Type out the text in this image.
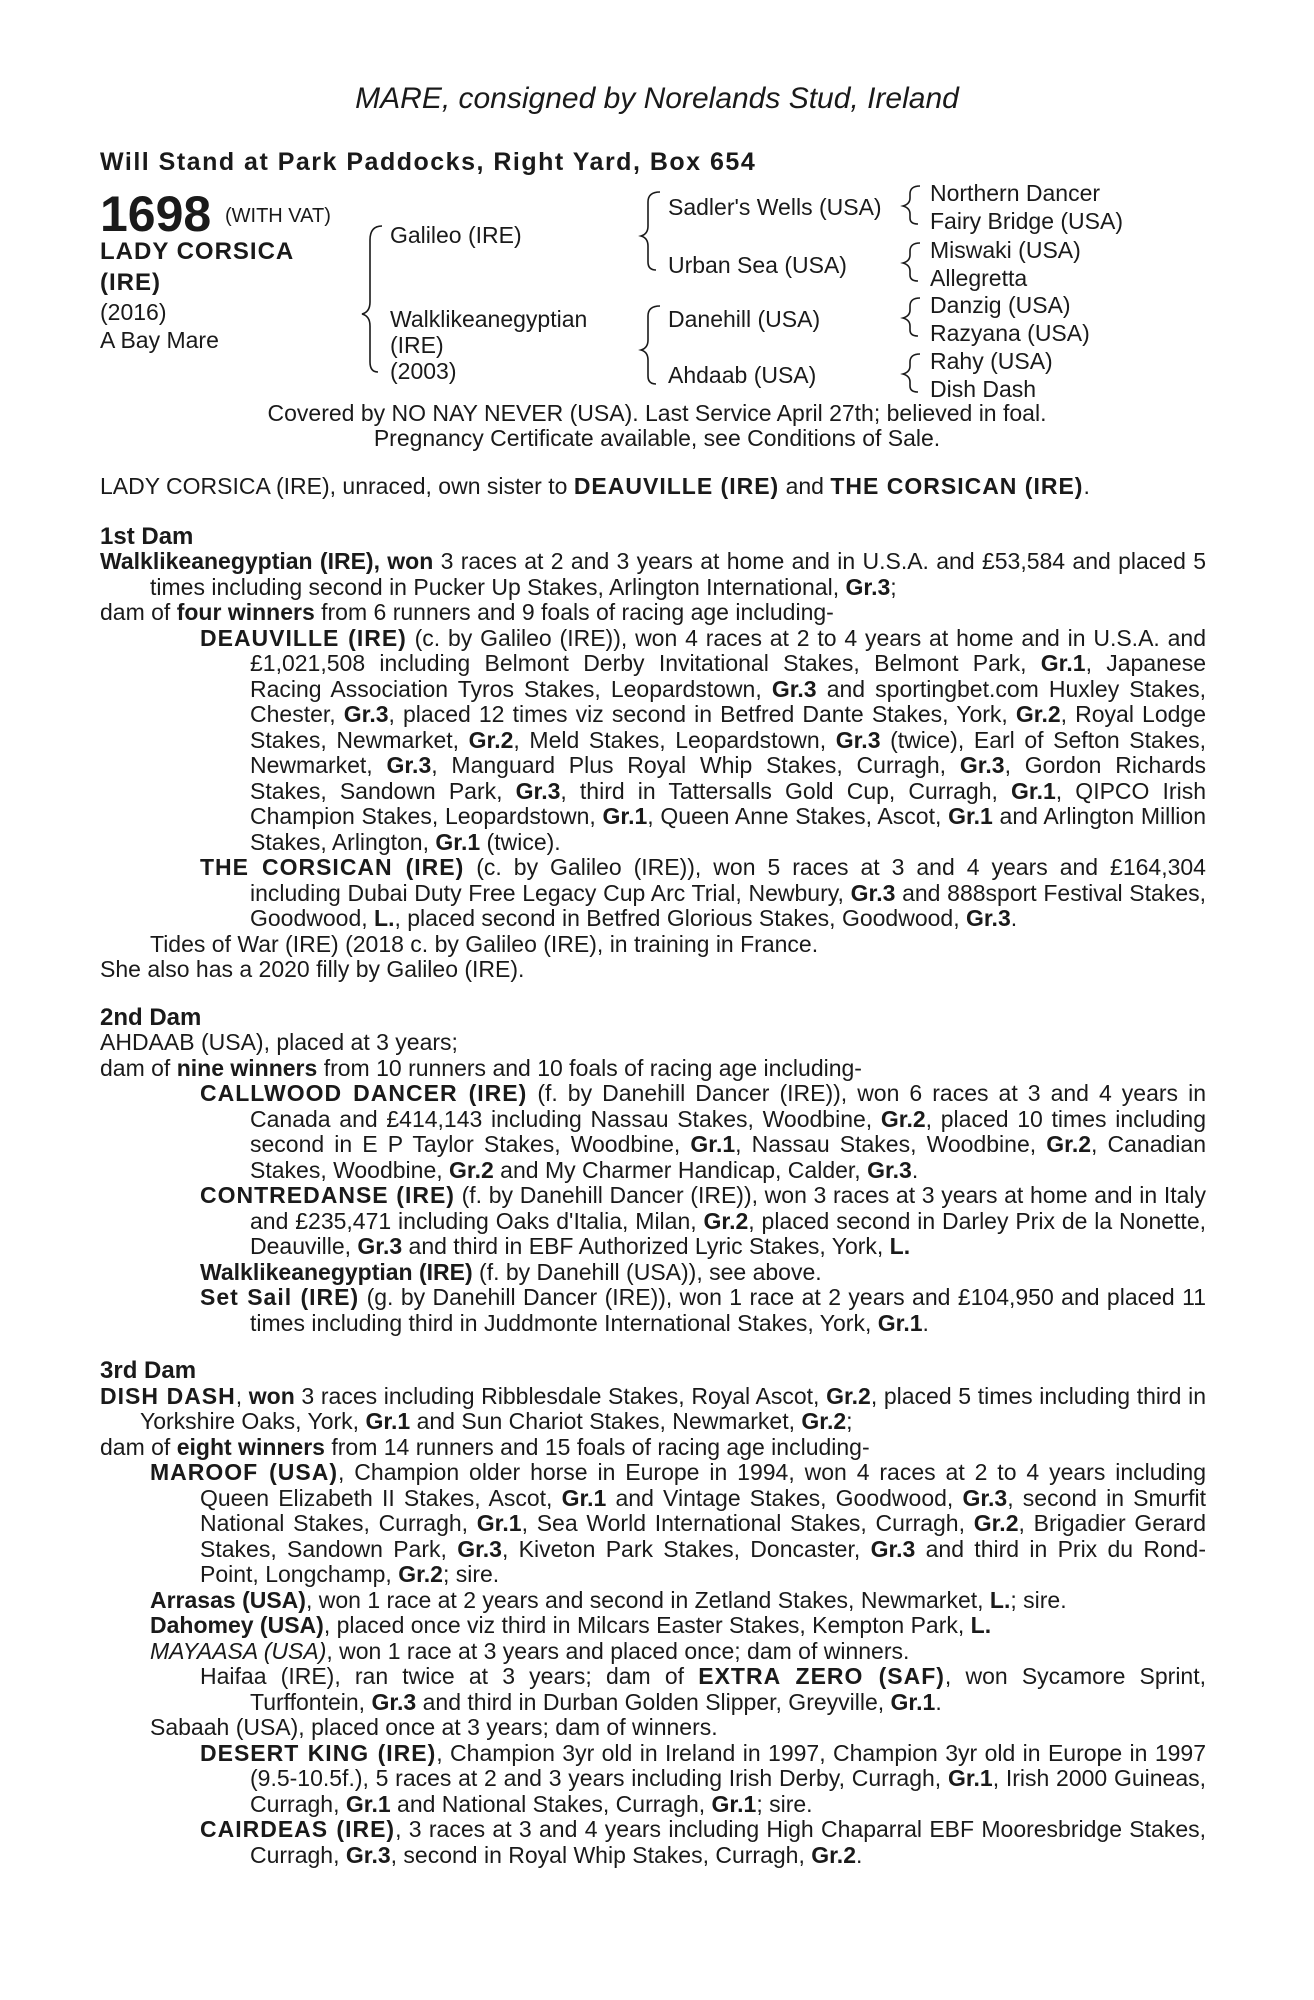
MARE, consigned by Norelands Stud, Ireland
Will Stand at Park Paddocks, Right Yard, Box 654
1698 (WITH VAT)
LADY CORSICA
(IRE)
(2016)
A Bay Mare
Galileo (IRE)
Walklikeanegyptian
(IRE)
(2003)
Sadler's Wells (USA)
Urban Sea (USA)
Danehill (USA)
Ahdaab (USA)
Northern Dancer
Fairy Bridge (USA)
Miswaki (USA)
Allegretta
Danzig (USA)
Razyana (USA)
Rahy (USA)
Dish Dash
Covered by NO NAY NEVER (USA). Last Service April 27th; believed in foal.
Pregnancy Certificate available, see Conditions of Sale.

LADY CORSICA (IRE), unraced, own sister to DEAUVILLE (IRE) and THE CORSICAN (IRE).

1st Dam

Walklikeanegyptian (IRE), won 3 races at 2 and 3 years at home and in U.S.A. and £53,584 and placed 5 times including second in Pucker Up Stakes, Arlington International, Gr.3;

dam of four winners from 6 runners and 9 foals of racing age including-

DEAUVILLE (IRE) (c. by Galileo (IRE)), won 4 races at 2 to 4 years at home and in U.S.A. and £1,021,508 including Belmont Derby Invitational Stakes, Belmont Park, Gr.1, Japanese Racing Association Tyros Stakes, Leopardstown, Gr.3 and sportingbet.com Huxley Stakes, Chester, Gr.3, placed 12 times viz second in Betfred Dante Stakes, York, Gr.2, Royal Lodge Stakes, Newmarket, Gr.2, Meld Stakes, Leopardstown, Gr.3 (twice), Earl of Sefton Stakes, Newmarket, Gr.3, Manguard Plus Royal Whip Stakes, Curragh, Gr.3, Gordon Richards Stakes, Sandown Park, Gr.3, third in Tattersalls Gold Cup, Curragh, Gr.1, QIPCO Irish Champion Stakes, Leopardstown, Gr.1, Queen Anne Stakes, Ascot, Gr.1 and Arlington Million Stakes, Arlington, Gr.1 (twice).

THE CORSICAN (IRE) (c. by Galileo (IRE)), won 5 races at 3 and 4 years and £164,304 including Dubai Duty Free Legacy Cup Arc Trial, Newbury, Gr.3 and 888sport Festival Stakes, Goodwood, L., placed second in Betfred Glorious Stakes, Goodwood, Gr.3.

Tides of War (IRE) (2018 c. by Galileo (IRE), in training in France.

She also has a 2020 filly by Galileo (IRE).

2nd Dam

AHDAAB (USA), placed at 3 years;

dam of nine winners from 10 runners and 10 foals of racing age including-

CALLWOOD DANCER (IRE) (f. by Danehill Dancer (IRE)), won 6 races at 3 and 4 years in Canada and £414,143 including Nassau Stakes, Woodbine, Gr.2, placed 10 times including second in E P Taylor Stakes, Woodbine, Gr.1, Nassau Stakes, Woodbine, Gr.2, Canadian Stakes, Woodbine, Gr.2 and My Charmer Handicap, Calder, Gr.3.

CONTREDANSE (IRE) (f. by Danehill Dancer (IRE)), won 3 races at 3 years at home and in Italy and £235,471 including Oaks d'Italia, Milan, Gr.2, placed second in Darley Prix de la Nonette, Deauville, Gr.3 and third in EBF Authorized Lyric Stakes, York, L.

Walklikeanegyptian (IRE) (f. by Danehill (USA)), see above.

Set Sail (IRE) (g. by Danehill Dancer (IRE)), won 1 race at 2 years and £104,950 and placed 11 times including third in Juddmonte International Stakes, York, Gr.1.

3rd Dam

DISH DASH, won 3 races including Ribblesdale Stakes, Royal Ascot, Gr.2, placed 5 times including third in Yorkshire Oaks, York, Gr.1 and Sun Chariot Stakes, Newmarket, Gr.2;

dam of eight winners from 14 runners and 15 foals of racing age including-

MAROOF (USA), Champion older horse in Europe in 1994, won 4 races at 2 to 4 years including Queen Elizabeth II Stakes, Ascot, Gr.1 and Vintage Stakes, Goodwood, Gr.3, second in Smurfit National Stakes, Curragh, Gr.1, Sea World International Stakes, Curragh, Gr.2, Brigadier Gerard Stakes, Sandown Park, Gr.3, Kiveton Park Stakes, Doncaster, Gr.3 and third in Prix du Rond-Point, Longchamp, Gr.2; sire.

Arrasas (USA), won 1 race at 2 years and second in Zetland Stakes, Newmarket, L.; sire.

Dahomey (USA), placed once viz third in Milcars Easter Stakes, Kempton Park, L.

MAYAASA (USA), won 1 race at 3 years and placed once; dam of winners.

Haifaa (IRE), ran twice at 3 years; dam of EXTRA ZERO (SAF), won Sycamore Sprint, Turffontein, Gr.3 and third in Durban Golden Slipper, Greyville, Gr.1.

Sabaah (USA), placed once at 3 years; dam of winners.

DESERT KING (IRE), Champion 3yr old in Ireland in 1997, Champion 3yr old in Europe in 1997 (9.5-10.5f.), 5 races at 2 and 3 years including Irish Derby, Curragh, Gr.1, Irish 2000 Guineas, Curragh, Gr.1 and National Stakes, Curragh, Gr.1; sire.

CAIRDEAS (IRE), 3 races at 3 and 4 years including High Chaparral EBF Mooresbridge Stakes, Curragh, Gr.3, second in Royal Whip Stakes, Curragh, Gr.2.
